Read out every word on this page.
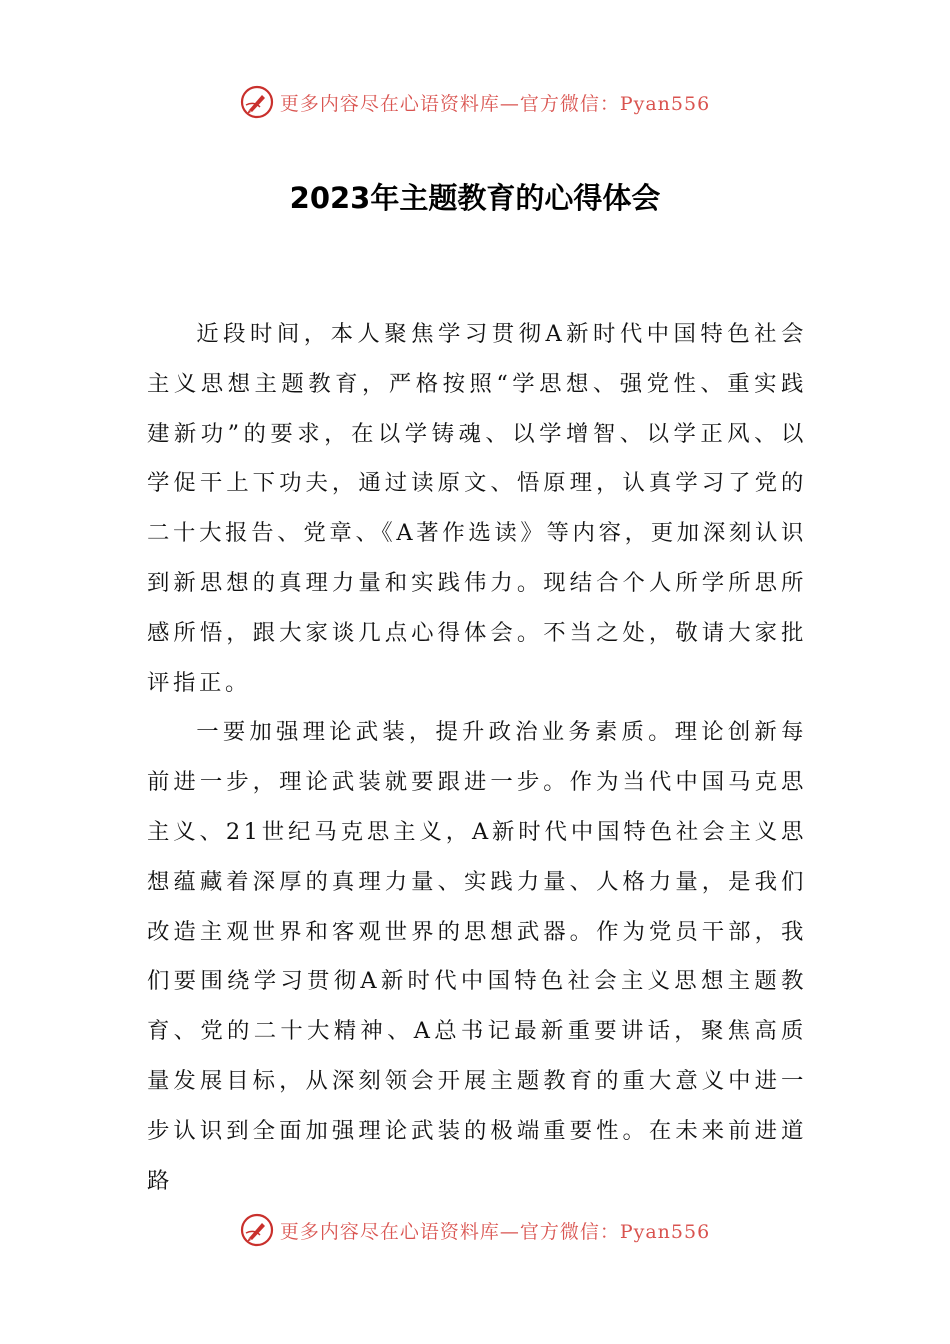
更多内容尽在心语资料库—官方微信：Pyan556
2023年主题教育的心得体会

近段时间，本人聚焦学习贯彻A新时代中国特色社会主义思想主题教育，严格按照“学思想、强党性、重实践建新功”的要求，在以学铸魂、以学增智、以学正风、以学促干上下功夫，通过读原文、悟原理，认真学习了党的二十大报告、党章、《A著作选读》等内容，更加深刻认识到新思想的真理力量和实践伟力。现结合个人所学所思所感所悟，跟大家谈几点心得体会。不当之处，敬请大家批评指正。

一要加强理论武装，提升政治业务素质。理论创新每前进一步，理论武装就要跟进一步。作为当代中国马克思主义、21世纪马克思主义，A新时代中国特色社会主义思想蕴藏着深厚的真理力量、实践力量、人格力量，是我们改造主观世界和客观世界的思想武器。作为党员干部，我们要围绕学习贯彻A新时代中国特色社会主义思想主题教育、党的二十大精神、A总书记最新重要讲话，聚焦高质量发展目标，从深刻领会开展主题教育的重大意义中进一步认识到全面加强理论武装的极端重要性。在未来前进道路

更多内容尽在心语资料库—官方微信：Pyan556
